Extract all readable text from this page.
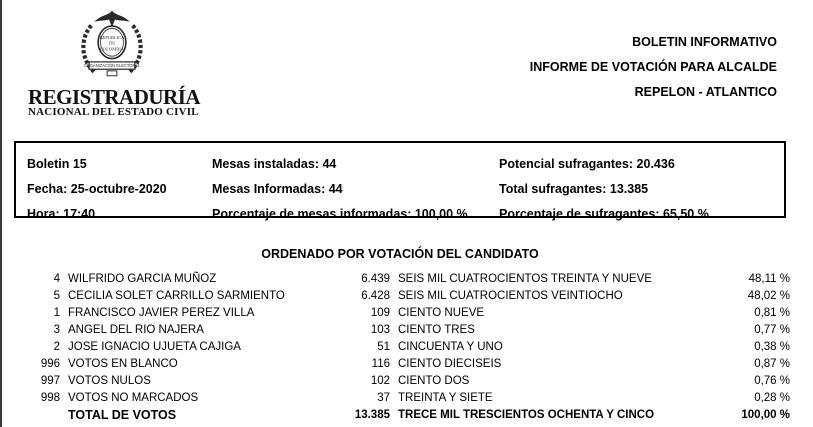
REPUBLICA
DE
COLOMBIA
ORGANIZACIÓN ELECTORAL
REGISTRADURÍA
NACIONAL DEL ESTADO CIVIL
BOLETIN INFORMATIVO
INFORME DE VOTACIÓN PARA ALCALDE
REPELON - ATLANTICO
Boletin 15
Fecha: 25-octubre-2020
Hora: 17:40
Mesas instaladas: 44
Mesas Informadas: 44
Porcentaje de mesas informadas: 100,00 %
Potencial sufragantes: 20.436
Total sufragantes: 13.385
Porcentaje de sufragantes: 65,50 %
ORDENADO POR VOTACIÓN DEL CANDIDATO
4 WILFRIDO GARCIA MUÑOZ	6.439 SEIS MIL CUATROCIENTOS TREINTA Y NUEVE	48,11 %
5 CECILIA SOLET CARRILLO SARMIENTO	6.428 SEIS MIL CUATROCIENTOS VEINTIOCHO	48,02 %
1 FRANCISCO JAVIER PEREZ VILLA	109 CIENTO NUEVE	0,81 %
3 ANGEL DEL RIO NAJERA	103 CIENTO TRES	0,77 %
2 JOSE IGNACIO UJUETA CAJIGA	51 CINCUENTA Y UNO	0,38 %
996 VOTOS EN BLANCO	116 CIENTO DIECISEIS	0,87 %
997 VOTOS NULOS	102 CIENTO DOS	0,76 %
998 VOTOS NO MARCADOS	37 TREINTA Y SIETE	0,28 %
TOTAL DE VOTOS	13.385 TRECE MIL TRESCIENTOS OCHENTA Y CINCO	100,00 %
